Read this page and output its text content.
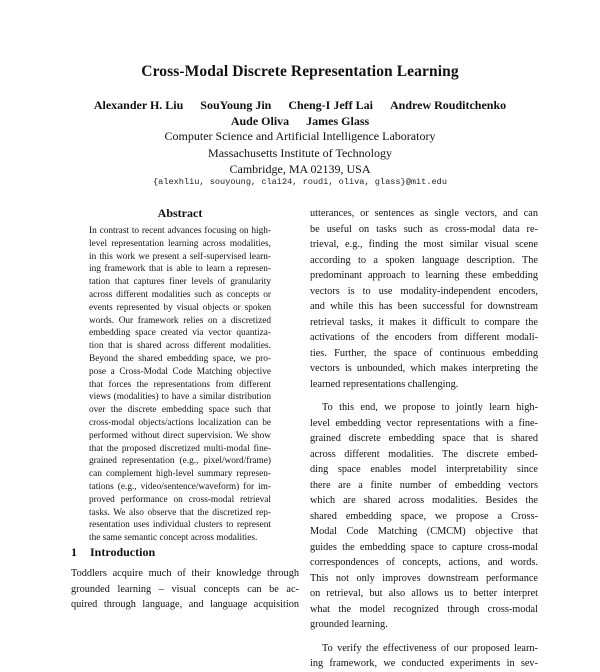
Cross-Modal Discrete Representation Learning
Alexander H. Liu SouYoung Jin Cheng-I Jeff Lai Andrew Rouditchenko
Aude Oliva James Glass
Computer Science and Artificial Intelligence Laboratory
Massachusetts Institute of Technology
Cambridge, MA 02139, USA
{alexhliu, souyoung, clai24, roudi, oliva, glass}@mit.edu
Abstract
In contrast to recent advances focusing on high-
level representation learning across modalities,
in this work we present a self-supervised learn-
ing framework that is able to learn a represen-
tation that captures finer levels of granularity
across different modalities such as concepts or
events represented by visual objects or spoken
words. Our framework relies on a discretized
embedding space created via vector quantiza-
tion that is shared across different modalities.
Beyond the shared embedding space, we pro-
pose a Cross-Modal Code Matching objective
that forces the representations from different
views (modalities) to have a similar distribution
over the discrete embedding space such that
cross-modal objects/actions localization can be
performed without direct supervision. We show
that the proposed discretized multi-modal fine-
grained representation (e.g., pixel/word/frame)
can complement high-level summary represen-
tations (e.g., video/sentence/waveform) for im-
proved performance on cross-modal retrieval
tasks. We also observe that the discretized rep-
resentation uses individual clusters to represent
the same semantic concept across modalities.
1 Introduction
Toddlers acquire much of their knowledge through
grounded learning – visual concepts can be ac-
quired through language, and language acquisition
utterances, or sentences as single vectors, and can
be useful on tasks such as cross-modal data re-
trieval, e.g., finding the most similar visual scene
according to a spoken language description. The
predominant approach to learning these embedding
vectors is to use modality-independent encoders,
and while this has been successful for downstream
retrieval tasks, it makes it difficult to compare the
activations of the encoders from different modali-
ties. Further, the space of continuous embedding
vectors is unbounded, which makes interpreting the
learned representations challenging.
To this end, we propose to jointly learn high-
level embedding vector representations with a fine-
grained discrete embedding space that is shared
across different modalities. The discrete embed-
ding space enables model interpretability since
there are a finite number of embedding vectors
which are shared across modalities. Besides the
shared embedding space, we propose a Cross-
Modal Code Matching (CMCM) objective that
guides the embedding space to capture cross-modal
correspondences of concepts, actions, and words.
This not only improves downstream performance
on retrieval, but also allows us to better interpret
what the model recognized through cross-modal
grounded learning.
To verify the effectiveness of our proposed learn-
ing framework, we conducted experiments in sev-
